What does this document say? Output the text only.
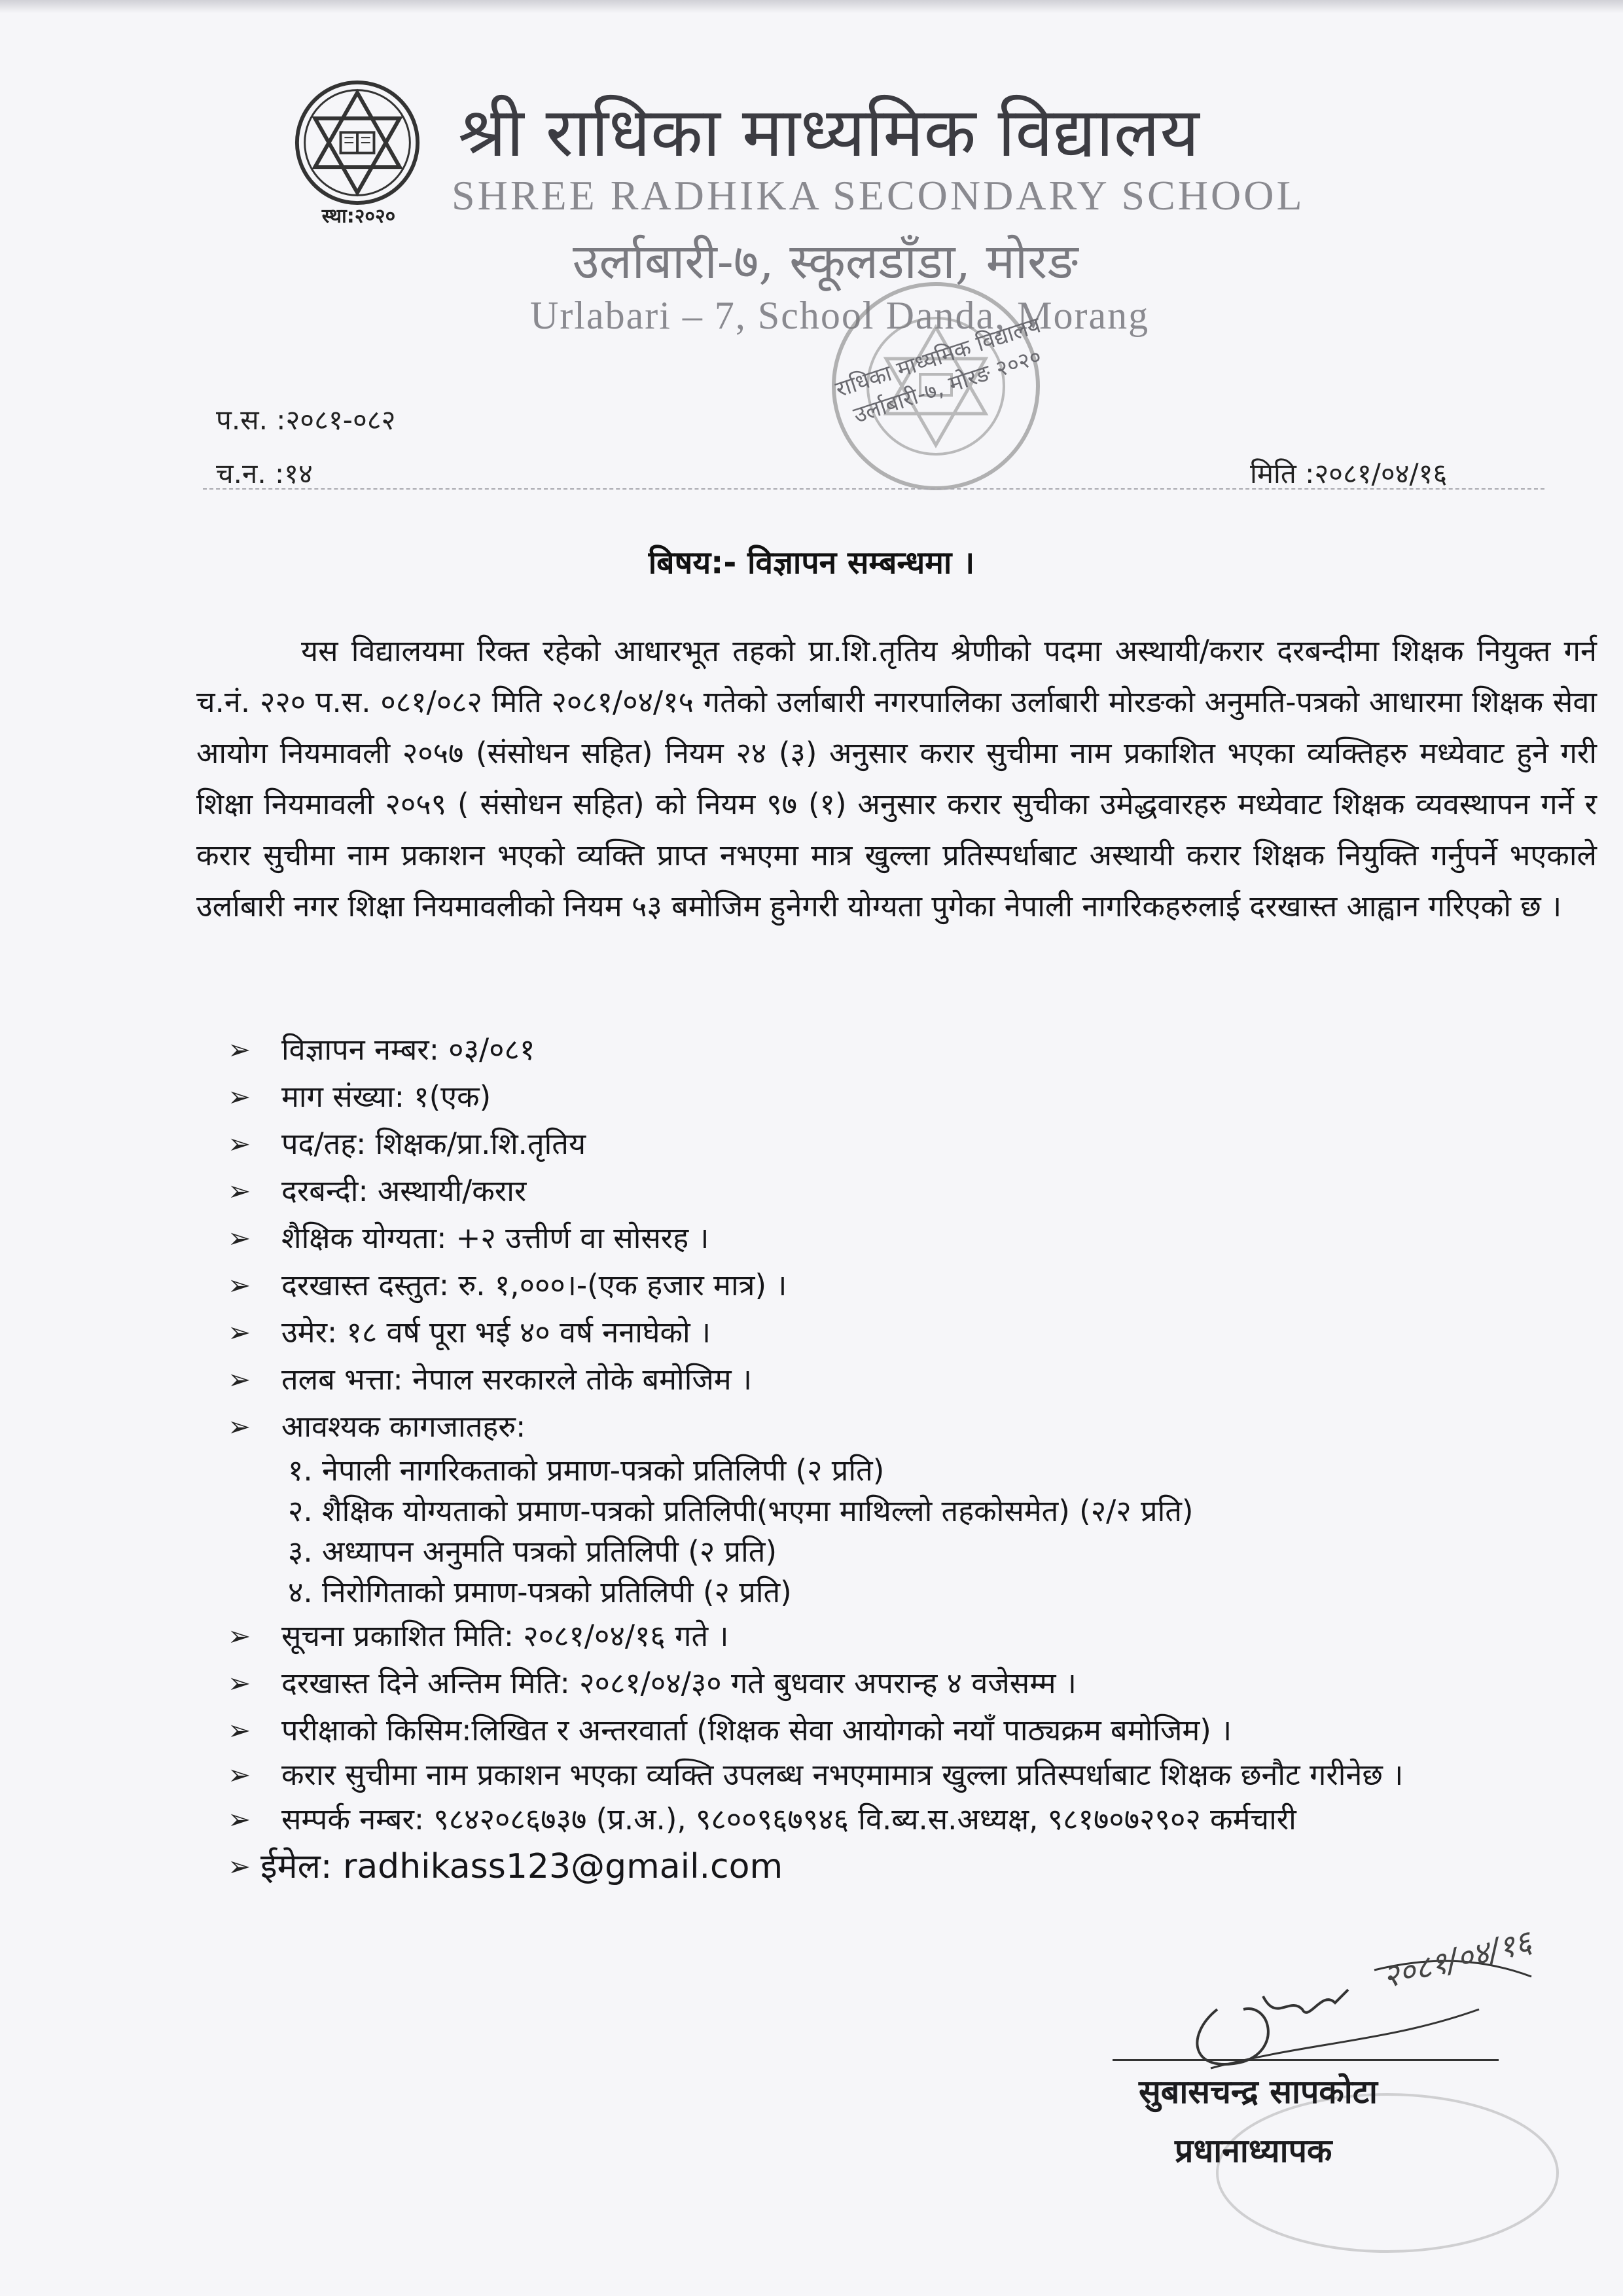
स्था:२०२०
श्री राधिका माध्यमिक विद्यालय
SHREE RADHIKA SECONDARY SCHOOL
उर्लाबारी-७, स्कूलडाँडा, मोरङ
Urlabari – 7, School Danda, Morang
राधिका माध्यमिक विद्यालय उर्लाबारी-७, मोरङ २०२०
प.स. :२०८१-०८२
च.न. :१४	मिति :२०८१/०४/१६
बिषय:- विज्ञापन सम्बन्धमा ।
यस विद्यालयमा रिक्त रहेको आधारभूत तहको प्रा.शि.तृतिय श्रेणीको पदमा अस्थायी/करार दरबन्दीमा शिक्षक नियुक्त गर्न च.नं. २२० प.स. ०८१/०८२ मिति २०८१/०४/१५ गतेको उर्लाबारी नगरपालिका उर्लाबारी मोरङको अनुमति-पत्रको आधारमा शिक्षक सेवा आयोग नियमावली २०५७ (संसोधन सहित) नियम २४ (३) अनुसार करार सुचीमा नाम प्रकाशित भएका व्यक्तिहरु मध्येवाट हुने गरी शिक्षा नियमावली २०५९ ( संसोधन सहित) को नियम ९७ (१) अनुसार करार सुचीका उमेद्धवारहरु मध्येवाट शिक्षक व्यवस्थापन गर्ने र करार सुचीमा नाम प्रकाशन भएको व्यक्ति प्राप्त नभएमा मात्र खुल्ला प्रतिस्पर्धाबाट अस्थायी करार शिक्षक नियुक्ति गर्नुपर्ने भएकाले उर्लाबारी नगर शिक्षा नियमावलीको नियम ५३ बमोजिम हुनेगरी योग्यता पुगेका नेपाली नागरिकहरुलाई दरखास्त आह्वान गरिएको छ ।
➢ विज्ञापन नम्बर: ०३/०८१
➢ माग संख्या: १(एक)
➢ पद/तह: शिक्षक/प्रा.शि.तृतिय
➢ दरबन्दी: अस्थायी/करार
➢ शैक्षिक योग्यता: +२ उत्तीर्ण वा सोसरह ।
➢ दरखास्त दस्तुत: रु. १,०००।-(एक हजार मात्र) ।
➢ उमेर: १८ वर्ष पूरा भई ४० वर्ष ननाघेको ।
➢ तलब भत्ता: नेपाल सरकारले तोके बमोजिम ।
➢ आवश्यक कागजातहरु:
१. नेपाली नागरिकताको प्रमाण-पत्रको प्रतिलिपी (२ प्रति)
२. शैक्षिक योग्यताको प्रमाण-पत्रको प्रतिलिपी(भएमा माथिल्लो तहकोसमेत) (२/२ प्रति)
३. अध्यापन अनुमति पत्रको प्रतिलिपी (२ प्रति)
४. निरोगिताको प्रमाण-पत्रको प्रतिलिपी (२ प्रति)
➢ सूचना प्रकाशित मिति: २०८१/०४/१६ गते ।
➢ दरखास्त दिने अन्तिम मिति: २०८१/०४/३० गते बुधवार अपरान्ह ४ वजेसम्म ।
➢ परीक्षाको किसिम:लिखित र अन्तरवार्ता (शिक्षक सेवा आयोगको नयाँ पाठ्यक्रम बमोजिम) ।
➢ करार सुचीमा नाम प्रकाशन भएका व्यक्ति उपलब्ध नभएमामात्र खुल्ला प्रतिस्पर्धाबाट शिक्षक छनौट गरीनेछ ।
➢ सम्पर्क नम्बर: ९८४२०८६७३७ (प्र.अ.), ९८००९६७९४६ वि.ब्य.स.अध्यक्ष, ९८१७०७२९०२ कर्मचारी
➢ ईमेल: radhikass123@gmail.com
२०८१/०४/१६
सुबासचन्द्र सापकोटा
प्रधानाध्यापक
